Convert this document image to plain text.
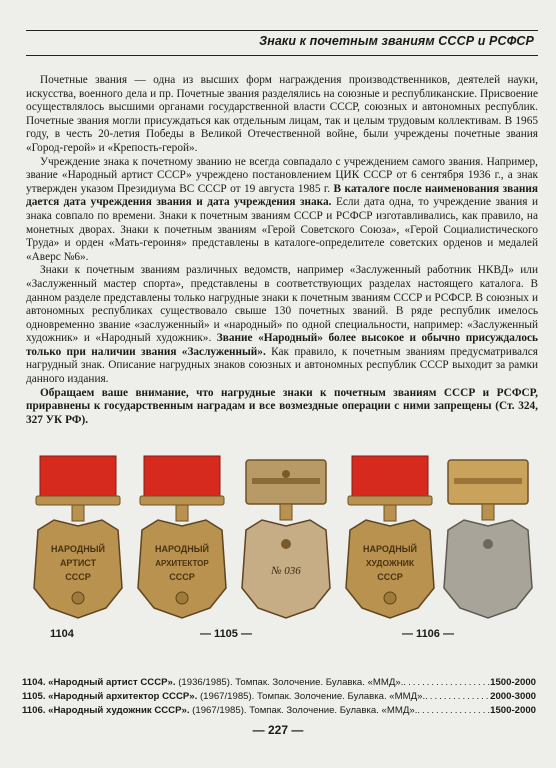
Знаки к почетным званиям СССР и РСФСР

Почетные звания — одна из высших форм награждения производственников, деятелей науки, искусства, военного дела и пр. Почетные звания разделялись на союзные и республиканские. Присвоение осуществлялось высшими органами государственной власти СССР, союзных и автономных республик. Почетные звания могли присуждаться как отдельным лицам, так и целым трудовым коллективам. В 1965 году, в честь 20-летия Победы в Великой Отечественной войне, были учреждены почетные звания «Город-герой» и «Крепость-герой».

Учреждение знака к почетному званию не всегда совпадало с учреждением самого звания. Например, звание «Народный артист СССР» учреждено постановлением ЦИК СССР от 6 сентября 1936 г., а знак утвержден указом Президиума ВС СССР от 19 августа 1985 г. В каталоге после наименования звания дается дата учреждения звания и дата учреждения знака. Если дата одна, то учреждение звания и знака совпало по времени. Знаки к почетным званиям СССР и РСФСР изготавливались, как правило, на монетных дворах. Знаки к почетным званиям «Герой Советского Союза», «Герой Социалистического Труда» и орден «Мать-героиня» представлены в каталоге-определителе советских орденов и медалей «Аверс №6».

Знаки к почетным званиям различных ведомств, например «Заслуженный работник НКВД» или «Заслуженный мастер спорта», представлены в соответствующих разделах настоящего каталога. В данном разделе представлены только нагрудные знаки к почетным званиям СССР и РСФСР. В союзных и автономных республиках существовало свыше 130 почетных званий. В ряде республик имелось одновременно звание «заслуженный» и «народный» по одной специальности, например: «Заслуженный художник» и «Народный художник». Звание «Народный» более высокое и обычно присуждалось только при наличии звания «Заслуженный». Как правило, к почетным званиям предусматривался нагрудный знак. Описание нагрудных знаков союзных и автономных республик СССР выходит за рамки данного издания.

Обращаем ваше внимание, что нагрудные знаки к почетным званиям СССР и РСФСР, приравнены к государственным наградам и все возмездные операции с ними запрещены (Ст. 324, 327 УК РФ).

НАРОДНЫЙ
АРТИСТ
СССР
НАРОДНЫЙ
АРХИТЕКТОР
СССР	№ 036
НАРОДНЫЙ
ХУДОЖНИК
СССР
1104	— 1105 —	— 1106 —
1104. «Народный артист СССР». (1936/1985). Томпак. Золочение. Булавка. «ММД». .....	1500-2000
1105. «Народный архитектор СССР». (1967/1985). Томпак. Золочение. Булавка. «ММД». .....	2000-3000
1106. «Народный художник СССР». (1967/1985). Томпак. Золочение. Булавка. «ММД». .....	1500-2000
— 227 —
